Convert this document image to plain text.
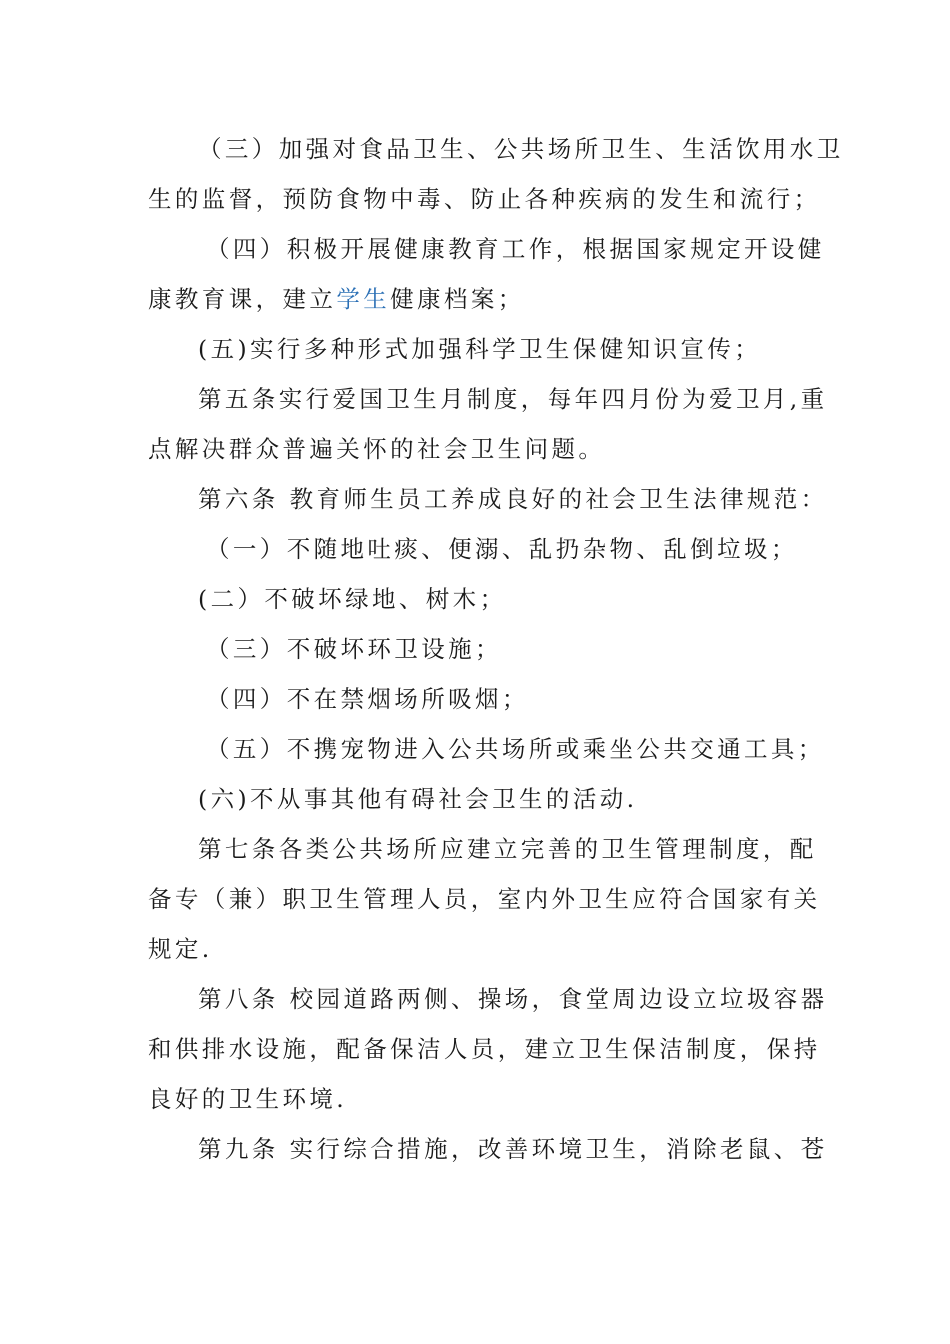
（三）加强对食品卫生、公共场所卫生、生活饮用水卫
生的监督，预防食物中毒、防止各种疾病的发生和流行；
（四）积极开展健康教育工作，根据国家规定开设健
康教育课，建立学生健康档案；
(五)实行多种形式加强科学卫生保健知识宣传；
第五条实行爱国卫生月制度，每年四月份为爱卫月,重
点解决群众普遍关怀的社会卫生问题。
第六条 教育师生员工养成良好的社会卫生法律规范：
（一）不随地吐痰、便溺、乱扔杂物、乱倒垃圾；
(二）不破坏绿地、树木；
（三）不破坏环卫设施；
（四）不在禁烟场所吸烟；
（五）不携宠物进入公共场所或乘坐公共交通工具；
(六)不从事其他有碍社会卫生的活动.
第七条各类公共场所应建立完善的卫生管理制度，配
备专（兼）职卫生管理人员，室内外卫生应符合国家有关
规定.
第八条 校园道路两侧、操场，食堂周边设立垃圾容器
和供排水设施，配备保洁人员，建立卫生保洁制度，保持
良好的卫生环境.
第九条 实行综合措施，改善环境卫生，消除老鼠、苍
